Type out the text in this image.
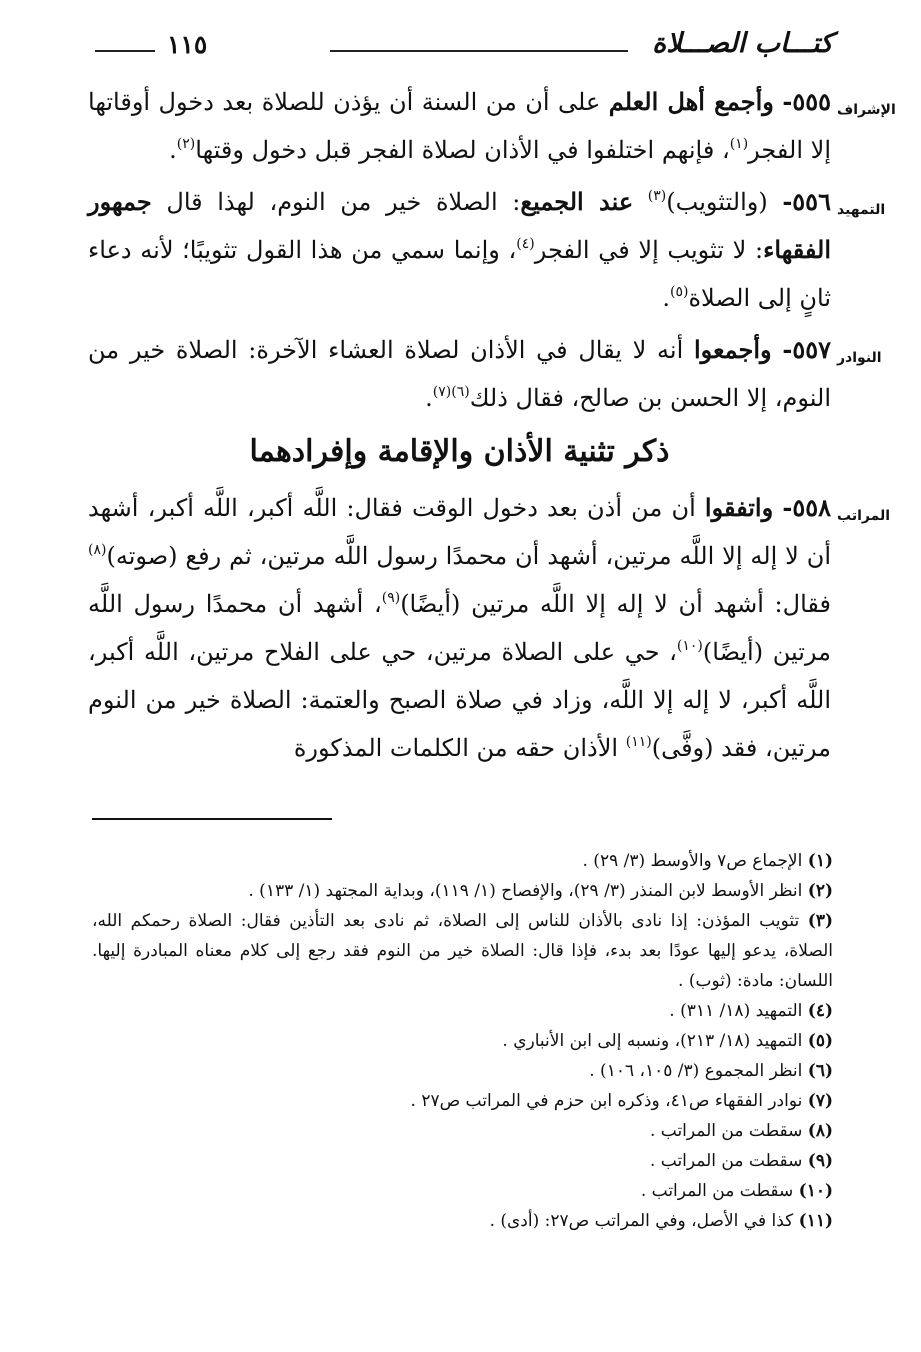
كتـــاب الصـــلاة
١١٥

الإشراف
٥٥٥- وأجمع أهل العلم على أن من السنة أن يؤذن للصلاة بعد دخول أوقاتها إلا الفجر$^{(١)}$، فإنهم اختلفوا في الأذان لصلاة الفجر قبل دخول وقتها$^{(٢)}$.

التمهيد
٥٥٦- (والتثويب)$^{(٣)}$ عند الجميع: الصلاة خير من النوم، لهذا قال جمهور الفقهاء: لا تثويب إلا في الفجر$^{(٤)}$، وإنما سمي من هذا القول تثويبًا؛ لأنه دعاء ثانٍ إلى الصلاة$^{(٥)}$.

النوادر
٥٥٧- وأجمعوا أنه لا يقال في الأذان لصلاة العشاء الآخرة: الصلاة خير من النوم، إلا الحسن بن صالح، فقال ذلك$^{(٦)(٧)}$.

ذكر تثنية الأذان والإقامة وإفرادهما

المراتب
٥٥٨- واتفقوا أن من أذن بعد دخول الوقت فقال: اللَّه أكبر، اللَّه أكبر، أشهد أن لا إله إلا اللَّه مرتين، أشهد أن محمدًا رسول اللَّه مرتين، ثم رفع (صوته)$^{(٨)}$ فقال: أشهد أن لا إله إلا اللَّه مرتين (أيضًا)$^{(٩)}$، أشهد أن محمدًا رسول اللَّه مرتين (أيضًا)$^{(١٠)}$، حي على الصلاة مرتين، حي على الفلاح مرتين، اللَّه أكبر، اللَّه أكبر، لا إله إلا اللَّه، وزاد في صلاة الصبح والعتمة: الصلاة خير من النوم مرتين، فقد (وفَّى)$^{(١١)}$ الأذان حقه من الكلمات المذكورة

(١) الإجماع ص٧ والأوسط (٣/ ٢٩) .

(٢) انظر الأوسط لابن المنذر (٣/ ٢٩)، والإفصاح (١/ ١١٩)، وبداية المجتهد (١/ ١٣٣) .

(٣) تثويب المؤذن: إذا نادى بالأذان للناس إلى الصلاة، ثم نادى بعد التأذين فقال: الصلاة رحمكم الله، الصلاة، يدعو إليها عودًا بعد بدء، فإذا قال: الصلاة خير من النوم فقد رجع إلى كلام معناه المبادرة إليها. اللسان: مادة: (ثوب) .

(٤) التمهيد (١٨/ ٣١١) .

(٥) التمهيد (١٨/ ٢١٣)، ونسبه إلى ابن الأنباري .

(٦) انظر المجموع (٣/ ١٠٥، ١٠٦) .

(٧) نوادر الفقهاء ص٤١، وذكره ابن حزم في المراتب ص٢٧ .

(٨) سقطت من المراتب .

(٩) سقطت من المراتب .

(١٠) سقطت من المراتب .

(١١) كذا في الأصل، وفي المراتب ص٢٧: (أدى) .
